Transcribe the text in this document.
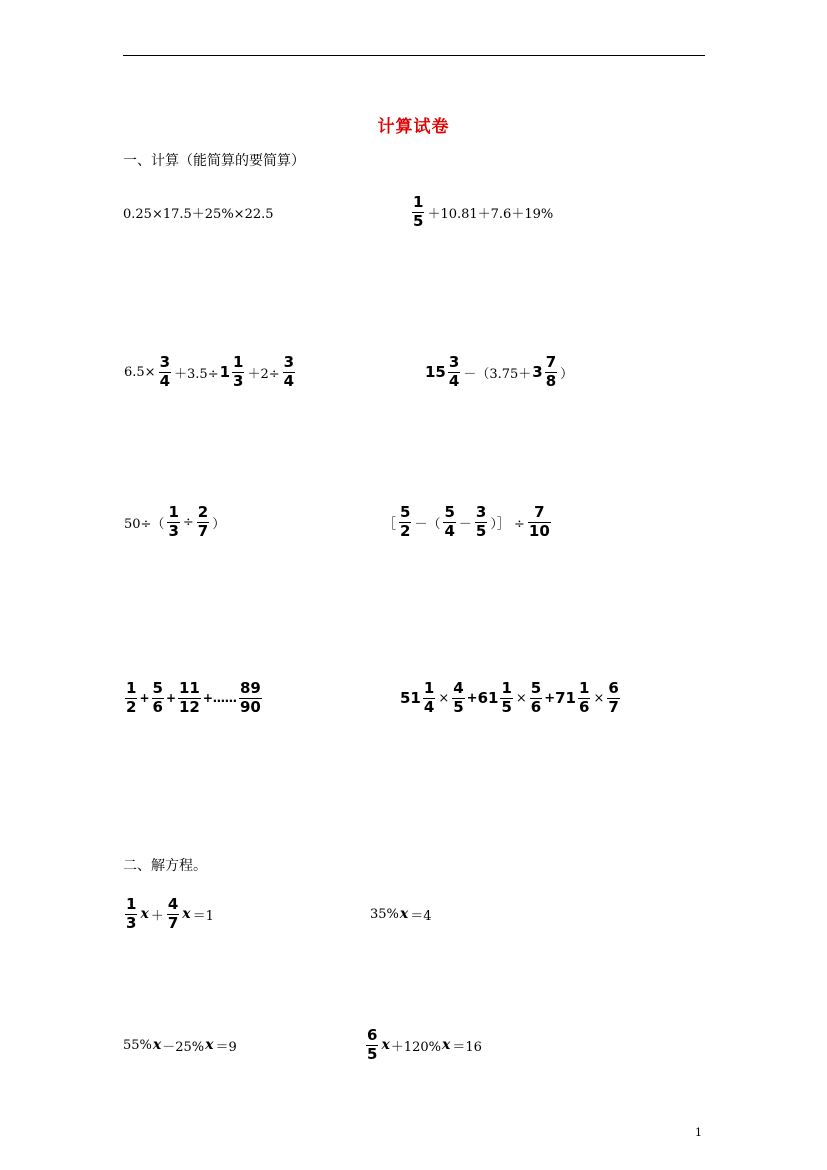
计算试卷
一、计算（能简算的要简算）
0.25×17.5＋25%×22.5	$\frac{1}{5} +10.81+7.6+19\%$
$6.5\times \frac{3}{4} +3.5\div 1 \frac{1}{3} +2\div \frac{3}{4}$	$15 \frac{3}{4} -(3.75+ 3 \frac{7}{8}$ ）
$50\div( \frac{1}{3} \div \frac{2}{7}$ ）	［ $\frac{5}{2}$ －（ $\frac{5}{4} - \frac{3}{5}$ ）］ ÷ $\frac{7}{10}$
$\frac{1}{2} + \frac{5}{6} + \frac{11}{12}$ +…… $\frac{89}{90}$	$51 \frac{1}{4} \times \frac{4}{5} + 61 \frac{1}{5} \times \frac{5}{6} + 71 \frac{1}{6} \times \frac{6}{7}$
二、解方程。
$\frac{1}{3}$ $x + \frac{4}{7}$ x ＝1	35% x ＝4
55% x －25% x ＝9	$\frac{6}{5}$ x ＋120% x ＝16
1
